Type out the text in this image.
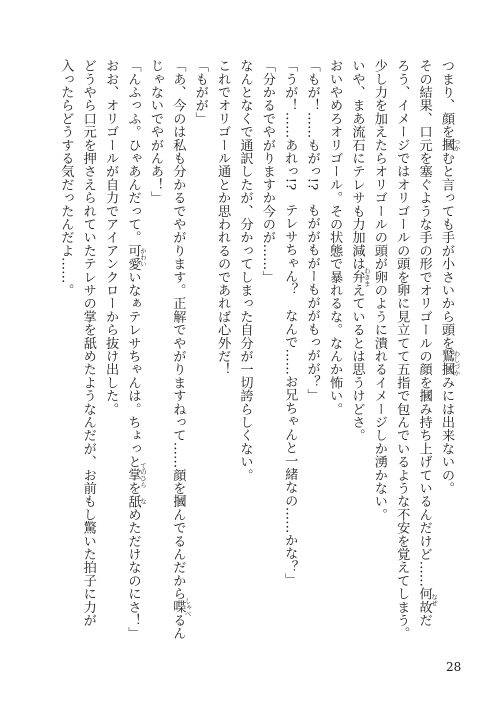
つまり、顔を摑
つか
むと言っても手が小さいから頭を鷲摑
わしづか
みには出来ないの。
その結果、口元を塞ぐような手の形でオリゴールの顔を摑み持ち上げているんだけど……何故
なぜ
だ
ろう、イメージではオリゴールの頭を卵に見立てて五指で包んでいるような不安を覚えてしまう。
少し力を加えたらオリゴールの頭が卵のように潰れるイメージしか湧かない。
いや、まあ流石にテレサも力加減は弁
わきま
えているとは思うけどさ。
おいやめろオリゴール。その状態で暴れるな。なんか怖い。
「もが！……もがっ!?　もががもがーもががもっがが？」
「うが！……あれっ!?　テレサちゃん？　なんで……お兄ちゃんと一緒なの……かな？」
「分かるでやがりますか今のが……」
なんとなくで通訳したが、分かってしまった自分が一切誇らしくない。
これでオリゴール通とか思われるのであれば心外だ！
「もがが」
「あ、今のは私も分かるでやがります。正解でやがりますねって……顔を摑んでるんだから喋
しゃべ
るん
じゃないでやがんあ！」
「んふっふ。ひゃあんだって。可愛
かわい
いなぁテレサちゃんは。ちょっと掌
てのひら
を舐
な
めただけなのにさ！」
おお、オリゴールが自力でアイアンクローから抜け出した。
どうやら口元を押さえられていたテレサの掌を舐めたようなんだが、お前もし驚いた拍子に力が
入ったらどうする気だったんだよ……。
28
